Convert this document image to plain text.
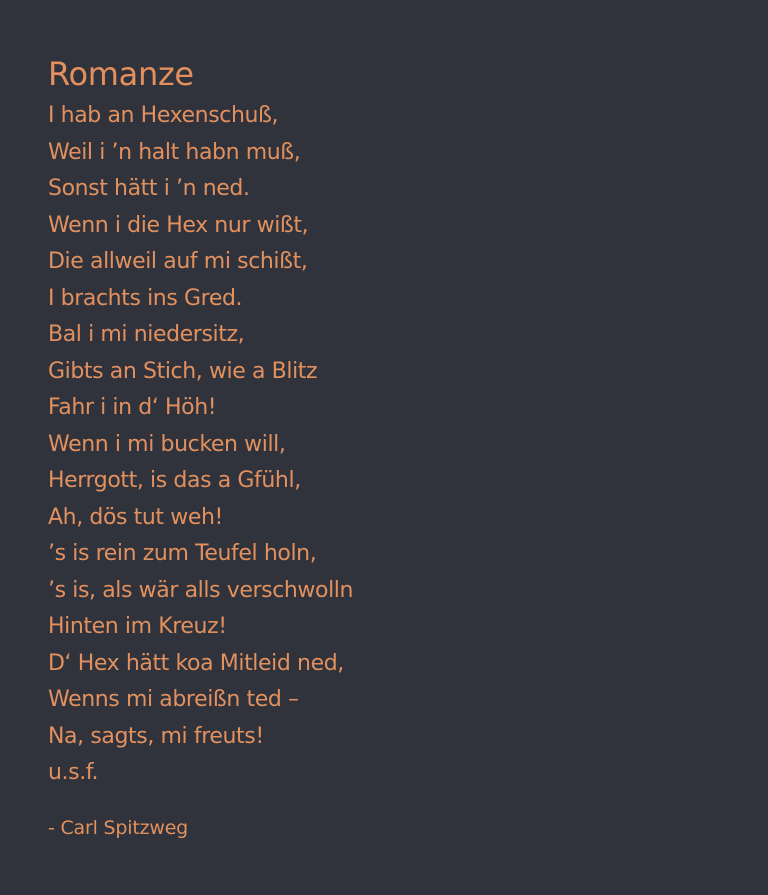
Romanze
I hab an Hexenschuß,
Weil i ’n halt habn muß,
Sonst hätt i ’n ned.
Wenn i die Hex nur wißt,
Die allweil auf mi schißt,
I brachts ins Gred.
Bal i mi niedersitz,
Gibts an Stich, wie a Blitz
Fahr i in d‘ Höh!
Wenn i mi bucken will,
Herrgott, is das a Gfühl,
Ah, dös tut weh!
’s is rein zum Teufel holn,
’s is, als wär alls verschwolln
Hinten im Kreuz!
D‘ Hex hätt koa Mitleid ned,
Wenns mi abreißn ted –
Na, sagts, mi freuts!
u.s.f.
- Carl Spitzweg
